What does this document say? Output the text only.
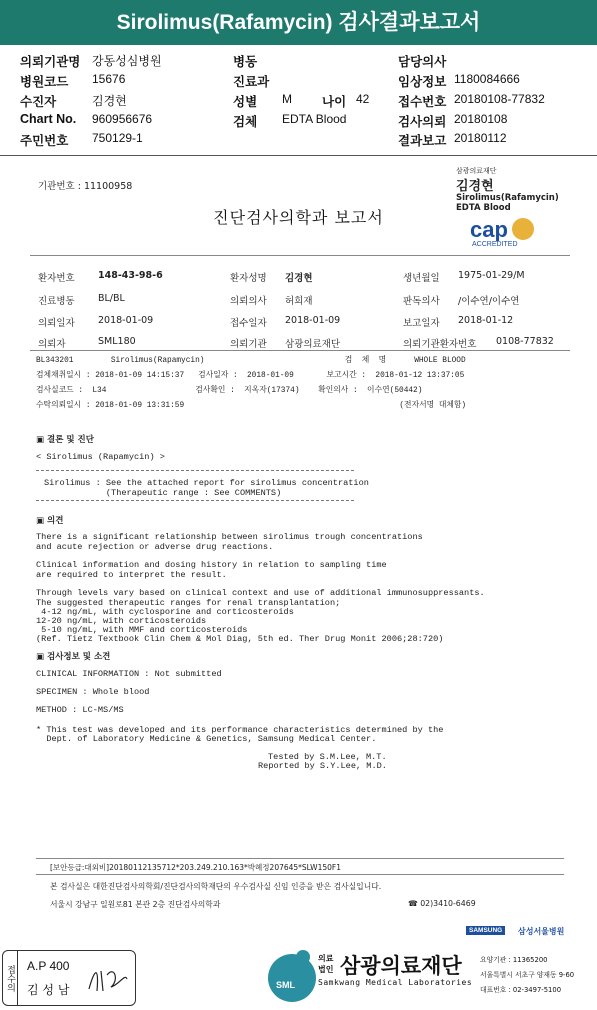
Sirolimus(Rafamycin) 검사결과보고서
의뢰기관명 강동성심병원
병원코드 15676
수진자	김경현
Chart No. 960956676
주민번호 750129-1
병동
진료과
성별 M 나이 42
검체 EDTA Blood
담당의사
임상정보 1180084666
접수번호 20180108-77832
검사의뢰 20180108
결과보고 20180112
기관번호 : 11100958
삼광의료재단
김경현
Sirolimus(Rafamycin)
EDTA Blood
cap
ACCREDITED
진단검사의학과 보고서
환자번호 148-43-98-6	환자성명 김경현	생년월일 1975-01-29/M
진료병동 BL/BL	의뢰의사 허희재	판독의사 /이수연/이수연
의뢰일자 2018-01-09	접수일자 2018-01-09	보고일자 2018-01-12
의뢰자	SML180	의뢰기관 삼광의료재단	의뢰기관환자번호 0108-77832
BL343201        Sirolimus(Rapamycin)                              검  체  명      WHOLE BLOOD
검체채취일시 : 2018-01-09 14:15:37   검사일자 :  2018-01-09       보고시간 :  2018-01-12 13:37:05
검사실코드 :  L34                   검사확인 :  지옥자(17374)    확인의사 :  이수연(50442)
수탁의뢰일시 : 2018-01-09 13:31:59                                              (전자서명 대체함)
▣ 결론 및 진단
< Sirolimus (Rapamycin) >
Sirolimus : See the attached report for sirolimus concentration
(Therapeutic range : See COMMENTS)
▣ 의견
There is a significant relationship between sirolimus trough concentrations
and acute rejection or adverse drug reactions.
Clinical information and dosing history in relation to sampling time
are required to interpret the result.
Through levels vary based on clinical context and use of additional immunosuppressants.
The suggested therapeutic ranges for renal transplantation;
4-12 ng/mL, with cyclosporine and corticosteroids
12-20 ng/mL, with corticosteroids
5-10 ng/mL, with MMF and corticosteroids
(Ref. Tietz Textbook Clin Chem & Mol Diag, 5th ed. Ther Drug Monit 2006;28:720)
▣ 검사정보 및 소견
CLINICAL INFORMATION : Not submitted
SPECIMEN : Whole blood
METHOD : LC-MS/MS
* This test was developed and its performance characteristics determined by the
Dept. of Laboratory Medicine & Genetics, Samsung Medical Center.
Tested by S.M.Lee, M.T.
Reported by S.Y.Lee, M.D.
[보안등급:대외비]20180112135712*203.249.210.163*박혜정207645*SLW150F1
본 검사실은 대한진단검사의학회/진단검사의학재단의 우수검사실 신임 인증을 받은 검사실입니다.
서울시 강남구 일원로81 본관 2층 진단검사의학과	☎ 02)3410-6469
SAMSUNG	삼성서울병원
접수의 A.P 400
김 성 남	SML
의료
법인 삼광의료재단
Samkwang Medical Laboratories
요양기관 : 11365200
서울특별시 서초구 양재동 9-60
대표번호 : 02-3497-5100
